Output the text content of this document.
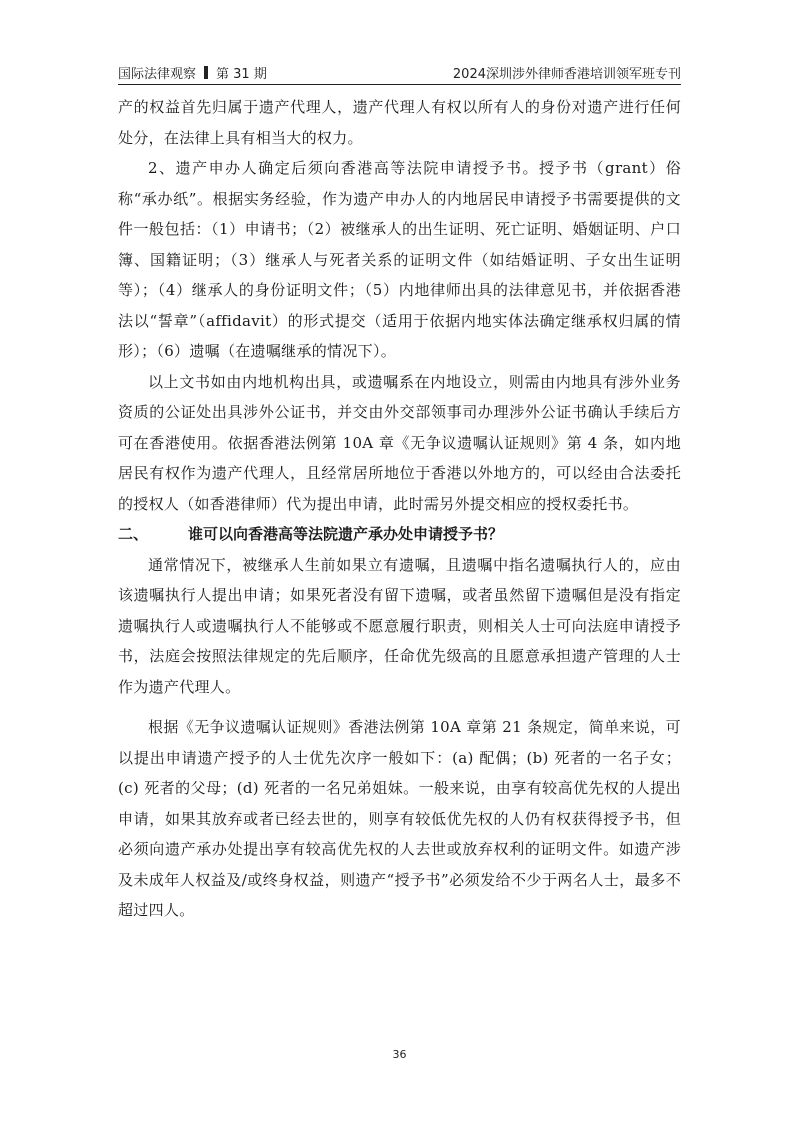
国际法律观察 第 31 期	2024深圳涉外律师香港培训领军班专刊

产的权益首先归属于遗产代理人，遗产代理人有权以所有人的身份对遗产进行任何处分，在法律上具有相当大的权力。

2、遗产申办人确定后须向香港高等法院申请授予书。授予书（grant）俗称“承办纸”。根据实务经验，作为遗产申办人的内地居民申请授予书需要提供的文件一般包括：（1）申请书；（2）被继承人的出生证明、死亡证明、婚姻证明、户口簿、国籍证明；（3）继承人与死者关系的证明文件（如结婚证明、子女出生证明等）；（4）继承人的身份证明文件；（5）内地律师出具的法律意见书，并依据香港法以“誓章”（affidavit）的形式提交（适用于依据内地实体法确定继承权归属的情形）；（6）遗嘱（在遗嘱继承的情况下）。

以上文书如由内地机构出具，或遗嘱系在内地设立，则需由内地具有涉外业务资质的公证处出具涉外公证书，并交由外交部领事司办理涉外公证书确认手续后方可在香港使用。依据香港法例第 10A 章《无争议遗嘱认证规则》第 4 条，如内地居民有权作为遗产代理人，且经常居所地位于香港以外地方的，可以经由合法委托的授权人（如香港律师）代为提出申请，此时需另外提交相应的授权委托书。

二、	谁可以向香港高等法院遗产承办处申请授予书？

通常情况下，被继承人生前如果立有遗嘱，且遗嘱中指名遗嘱执行人的，应由该遗嘱执行人提出申请；如果死者没有留下遗嘱，或者虽然留下遗嘱但是没有指定遗嘱执行人或遗嘱执行人不能够或不愿意履行职责，则相关人士可向法庭申请授予书，法庭会按照法律规定的先后顺序，任命优先级高的且愿意承担遗产管理的人士作为遗产代理人。

根据《无争议遗嘱认证规则》香港法例第 10A 章第 21 条规定，简单来说，可以提出申请遗产授予的人士优先次序一般如下：(a) 配偶；(b) 死者的一名子女；(c) 死者的父母；(d) 死者的一名兄弟姐妹。一般来说，由享有较高优先权的人提出申请，如果其放弃或者已经去世的，则享有较低优先权的人仍有权获得授予书，但必须向遗产承办处提出享有较高优先权的人去世或放弃权利的证明文件。如遗产涉及未成年人权益及/或终身权益，则遗产“授予书”必须发给不少于两名人士，最多不超过四人。

36
